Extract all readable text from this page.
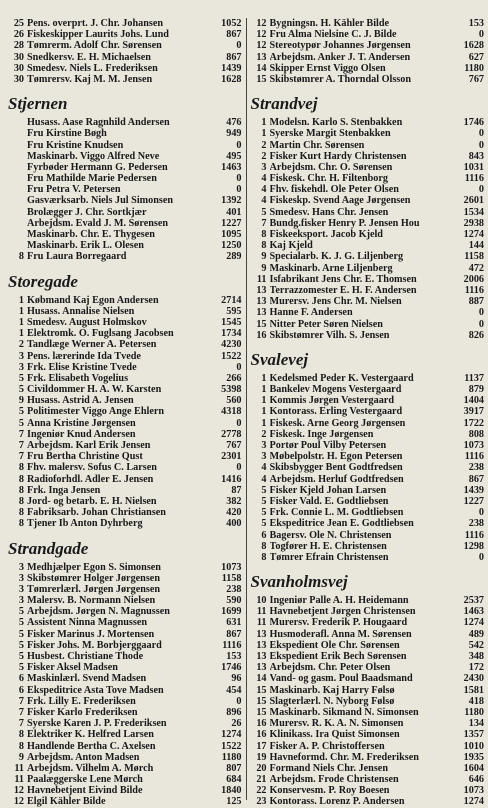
25 Pens. overprt. J. Chr. Johansen	1052
26 Fiskeskipper Laurits Johs. Lund	867
28 Tømrerm. Adolf Chr. Sørensen	0
30 Snedkersv. E. H. Michaelsen	867
30 Smedesv. Niels L. Frederiksen	1439
30 Tømrersv. Kaj M. M. Jensen	1628
Stjernen
Husass. Aase Ragnhild Andersen	476
Fru Kirstine Bøgh	949
Fru Kristine Knudsen	0
Maskinarb. Viggo Alfred Neve	495
Fyrbøder Hermann G. Pedersen	1463
Fru Mathilde Marie Pedersen	0
Fru Petra V. Petersen	0
Gasværksarb. Niels Jul Simonsen	1392
Brolægger J. Chr. Sortkjær	401
Arbejdsm. Evald J. M. Sørensen	1227
Maskinarb. Chr. E. Thygesen	1095
Maskinarb. Erik L. Olesen	1250
8 Fru Laura Borregaard	289
Storegade
1 Købmand Kaj Egon Andersen	2714
1 Husass. Annalise Nielsen	595
1 Smedesv. August Holmskov	1545
1 Elektromk. O. Fuglsang Jacobsen	1734
2 Tandlæge Werner A. Petersen	4230
3 Pens. lærerinde Ida Tvede	1522
3 Frk. Elise Kristine Tvede	0
5 Frk. Elisabeth Vogelius	266
5 Civildommer H. A. W. Karsten	5398
9 Husass. Astrid A. Jensen	560
5 Politimester Viggo Ange Ehlern	4318
5 Anna Kristine Jørgensen	0
7 Ingeniør Knud Andersen	2778
7 Arbejdsm. Karl Erik Jensen	767
7 Fru Bertha Christine Qust	2301
8 Fhv. malersv. Sofus C. Larsen	0
8 Radioforhdl. Adler E. Jensen	1416
8 Frk. Inga Jensen	87
8 Jord- og betarb. E. H. Nielsen	382
8 Fabriksarb. Johan Christiansen	420
8 Tjener Ib Anton Dyhrberg	400
Strandgade
3 Medhjælper Egon S. Simonsen	1073
3 Skibstømrer Holger Jørgensen	1158
3 Tømrerlærl. Jørgen Jørgensen	238
3 Malersv. B. Normann Nielsen	590
5 Arbejdsm. Jørgen N. Magnussen	1699
5 Assistent Ninna Magnussen	631
5 Fisker Marinus J. Mortensen	867
5 Fisker Johs. M. Borbjerggaard	1116
5 Husbest. Christiane Thode	153
5 Fisker Aksel Madsen	1746
6 Maskinlærl. Svend Madsen	96
6 Ekspeditrice Asta Tove Madsen	454
7 Frk. Lilly E. Frederiksen	0
7 Fisker Karlo Frederiksen	896
7 Syerske Karen J. P. Frederiksen	26
8 Elektriker K. Helfred Larsen	1274
8 Handlende Bertha C. Axelsen	1522
9 Arbejdsm. Anton Madsen	1180
11 Arbejdsm. Vilhelm A. Mørch	807
11 Paalæggerske Lene Mørch	684
12 Havnebetjent Eivind Bilde	1840
12 Elgil Kähler Bilde	125
12 Bygningsn. H. Kähler Bilde	153
12 Fru Alma Nielsine C. J. Bilde	0
12 Stereotypør Johannes Jørgensen	1628
13 Arbejdsm. Anker J. T. Andersen	627
14 Skipper Ernst Viggo Olsen	1180
15 Skibstømrer A. Thorndal Olsson	767
Strandvej
1 Modelsn. Karlo S. Stenbakken	1746
1 Syerske Margit Stenbakken	0
2 Martin Chr. Sørensen	0
2 Fisker Kurt Hardy Christensen	843
3 Arbejdsm. Chr. O. Sørensen	1031
4 Fiskesk. Chr. H. Filtenborg	1116
4 Fhv. fiskehdl. Ole Peter Olsen	0
4 Fiskeskp. Svend Aage Jørgensen	2601
5 Smedesv. Hans Chr. Jensen	1534
7 Bundg.fisker Henry P. Jensen Hou	2938
8 Fiskeeksport. Jacob Kjeld	1274
8 Kaj Kjeld	144
9 Specialarb. K. J. G. Liljenberg	1158
9 Maskinarb. Arne Liljenberg	472
11 Isfabrikant Jens Chr. E. Thomsen	2006
13 Terrazzomester E. H. F. Andersen	1116
13 Murersv. Jens Chr. M. Nielsen	887
13 Hanne F. Andersen	0
15 Nitter Peter Søren Nielsen	0
16 Skibstømrer Vilh. S. Jensen	826
Svalevej
1 Kedelsmed Peder K. Vestergaard	1137
1 Bankelev Mogens Vestergaard	879
1 Kommis Jørgen Vestergaard	1404
1 Kontorass. Erling Vestergaard	3917
1 Fiskesk. Arne Georg Jørgensen	1722
2 Fiskesk. Inge Jørgensen	808
3 Portør Poul Vilby Petersen	1073
3 Møbelpolstr. H. Egon Petersen	1116
4 Skibsbygger Bent Godtfredsen	238
4 Arbejdsm. Herluf Godtfredsen	867
5 Fisker Kjeld Johan Larsen	1439
5 Fisker Vald. E. Godtliebsen	1227
5 Frk. Connie L. M. Godtliebsen	0
5 Ekspeditrice Jean E. Godtliebsen	238
6 Bagersv. Ole N. Christensen	1116
8 Togfører H. E. Christensen	1298
8 Tømrer Efrain Christensen	0
Svanholmsvej
10 Ingeniør Palle A. H. Heidemann	2537
11 Havnebetjent Jørgen Christensen	1463
11 Murersv. Frederik P. Hougaard	1274
13 Husmoderafl. Anna M. Sørensen	489
13 Ekspedient Ole Chr. Sørensen	542
13 Ekspedient Erik Bech Sørensen	348
13 Arbejdsm. Chr. Peter Olsen	172
14 Vand- og gasm. Poul Baadsmand	2430
15 Maskinarb. Kaj Harry Følsø	1581
15 Slagterlærl. N. Nyborg Følsø	418
15 Maskinarb. Sikmand N. Simonsen	1180
16 Murersv. R. K. A. N. Simonsen	134
16 Klinikass. Ira Quist Simonsen	1357
17 Fisker A. P. Christoffersen	1010
19 Havneformd. Chr. M. Frederiksen	1935
20 Formand Niels Chr. Jensen	1604
21 Arbejdsm. Frode Christensen	646
22 Konservesm. P. Roy Boesen	1073
23 Kontorass. Lorenz P. Andersen	1274
